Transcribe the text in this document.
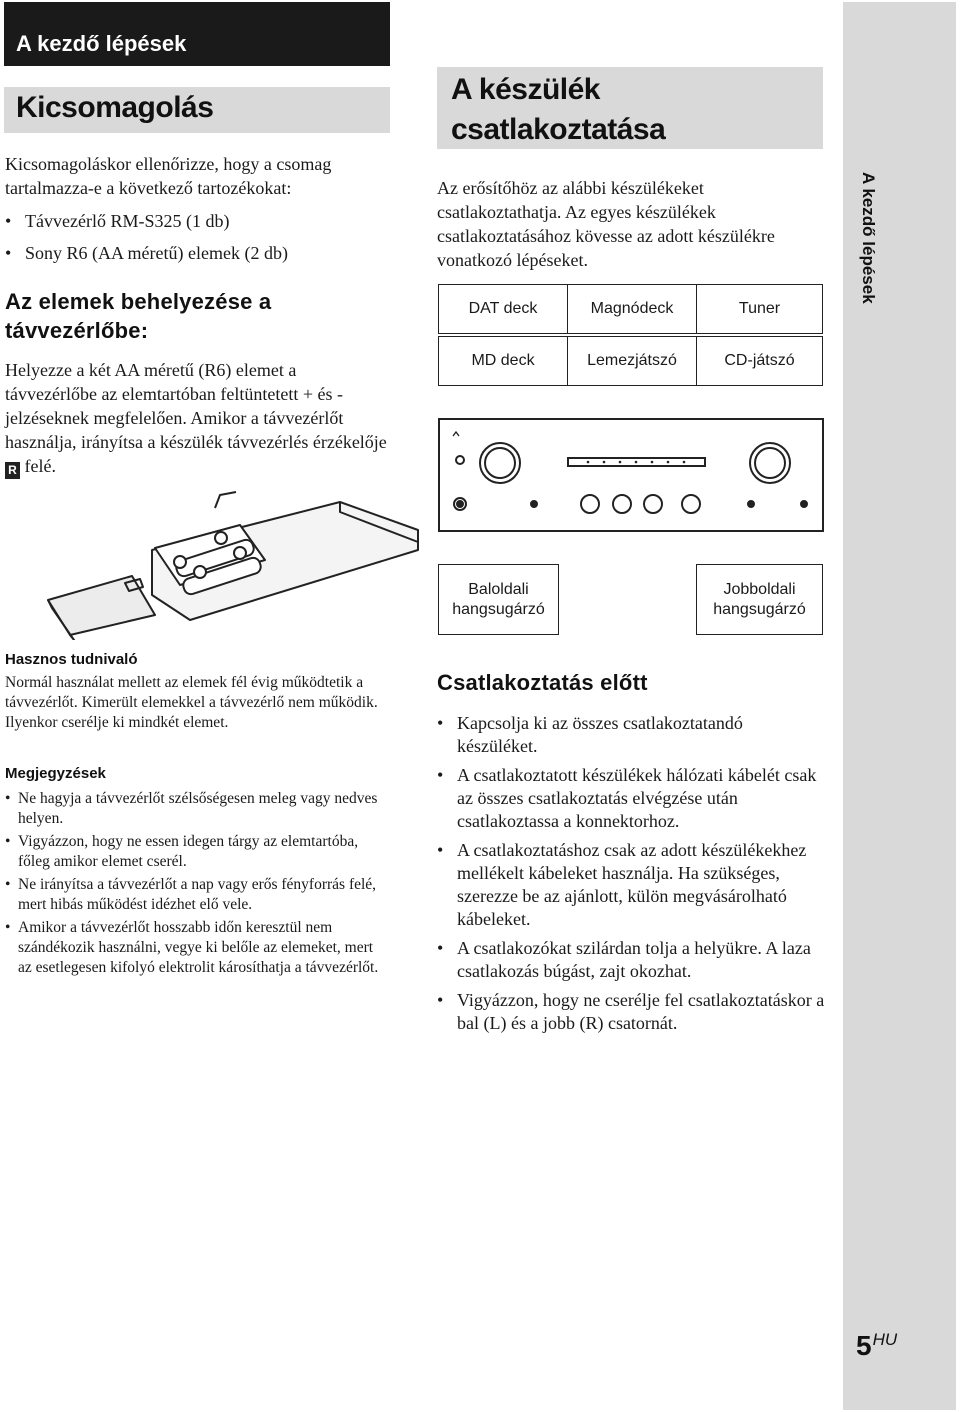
A kezdő lépések
A kezdő lépések
Kicsomagolás
Kicsomagoláskor ellenőrizze, hogy a csomag tartalmazza-e a következő tartozékokat:
• Távvezérlő RM-S325 (1 db)
• Sony R6 (AA méretű) elemek (2 db)
Az elemek behelyezése a távvezérlőbe:
Helyezze a két AA méretű (R6) elemet a távvezérlőbe az elemtartóban feltüntetett + és - jelzéseknek megfelelően. Amikor a távvezérlőt használja, irányítsa a készülék távvezérlés érzékelője R felé.
Hasznos tudnivaló
Normál használat mellett az elemek fél évig működtetik a távvezérlőt. Kimerült elemekkel a távvezérlő nem működik. Ilyenkor cserélje ki mindkét elemet.
Megjegyzések
• Ne hagyja a távvezérlőt szélsőségesen meleg vagy nedves helyen.
• Vigyázzon, hogy ne essen idegen tárgy az elemtartóba, főleg amikor elemet cserél.
• Ne irányítsa a távvezérlőt a nap vagy erős fényforrás felé, mert hibás működést idézhet elő vele.
• Amikor a távvezérlőt hosszabb időn keresztül nem szándékozik használni, vegye ki belőle az elemeket, mert az esetlegesen kifolyó elektrolit károsíthatja a távvezérlőt.
A készülék
csatlakoztatása
Az erősítőhöz az alábbi készülékeket csatlakoztathatja. Az egyes készülékek csatlakoztatásához kövesse az adott készülékre vonatkozó lépéseket.
DAT deck	Magnódeck	Tuner
MD deck	Lemezjátszó	CD-játszó
Baloldali hangsugárzó
Jobboldali hangsugárzó
Csatlakoztatás előtt
• Kapcsolja ki az összes csatlakoztatandó készüléket.
• A csatlakoztatott készülékek hálózati kábelét csak az összes csatlakoztatás elvégzése után csatlakoztassa a konnektorhoz.
• A csatlakoztatáshoz csak az adott készülékekhez mellékelt kábeleket használja. Ha szükséges, szerezze be az ajánlott, külön megvásárolható kábeleket.
• A csatlakozókat szilárdan tolja a helyükre. A laza csatlakozás búgást, zajt okozhat.
• Vigyázzon, hogy ne cserélje fel csatlakoztatáskor a bal (L) és a jobb (R) csatornát.
$5^{HU}$
